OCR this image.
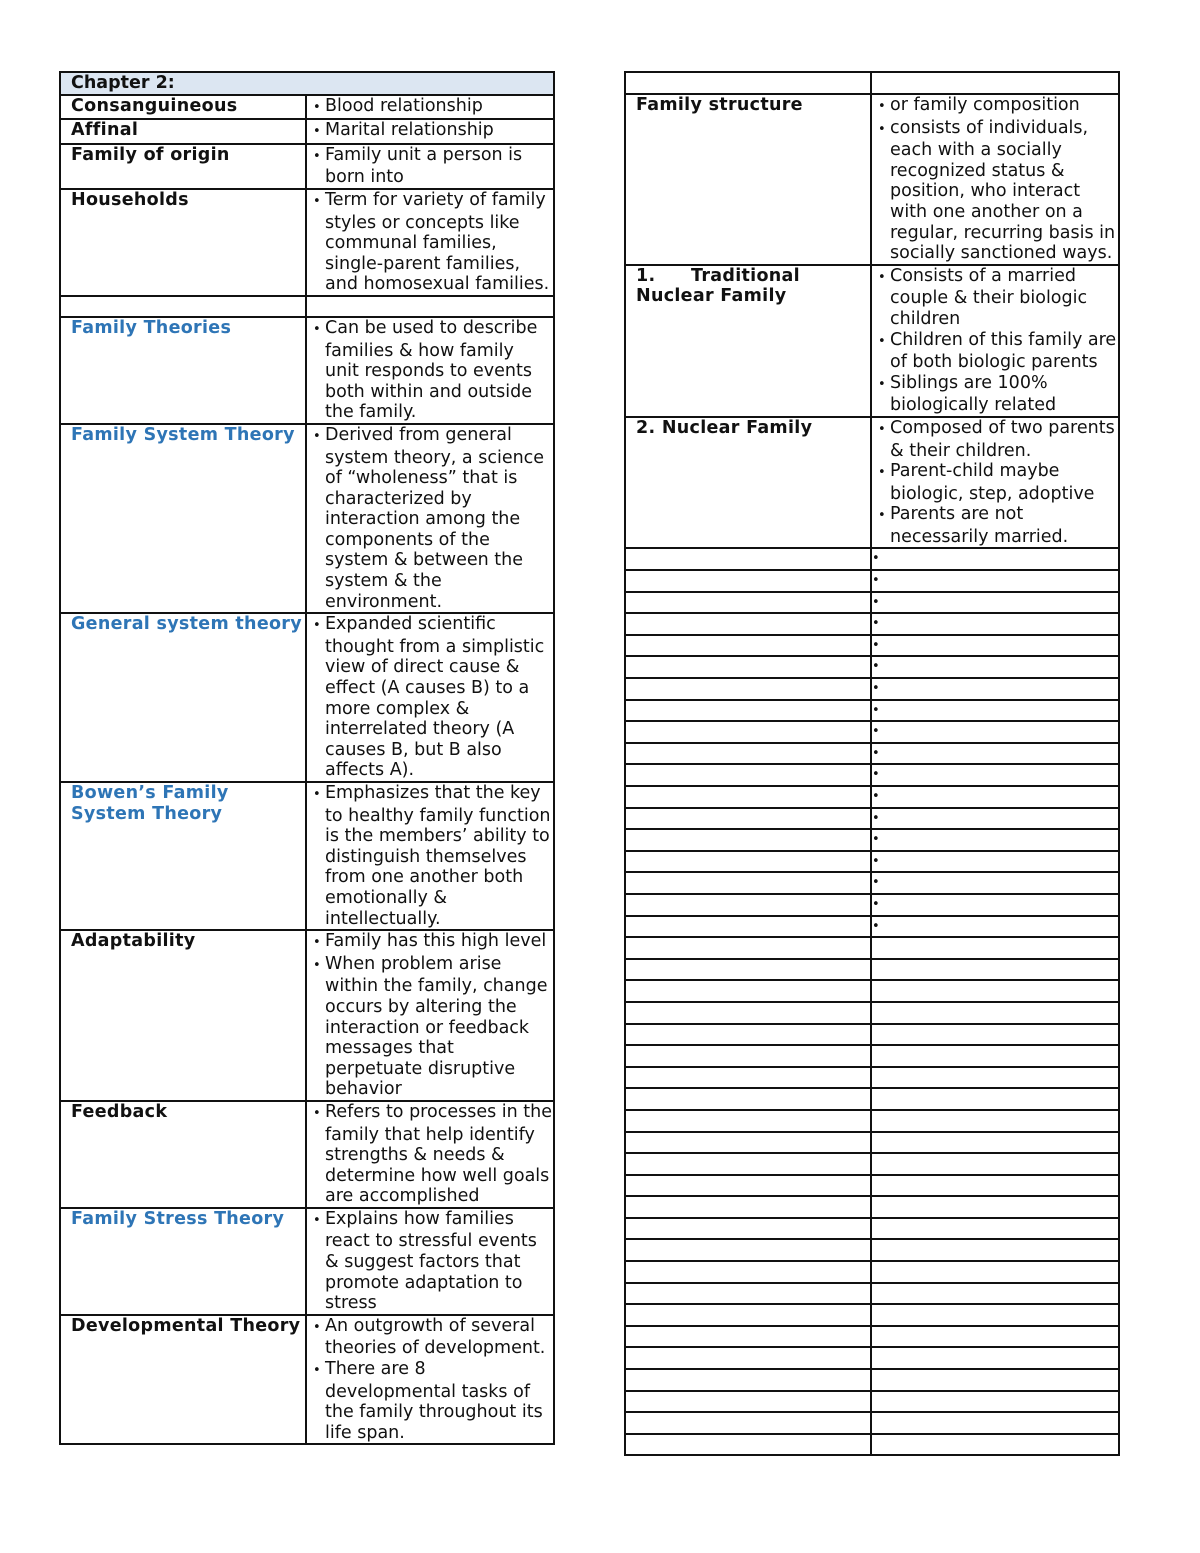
Chapter 2:	
Consanguineous	• Blood relationship

Affinal	• Marital relationship

Family of origin	• Family unit a person is born into

Households	• Term for variety of family styles or concepts like communal families, single-parent families, and homosexual families.

Family Theories	• Can be used to describe families & how family unit responds to events both within and outside the family.

Family System Theory	• Derived from general system theory, a science of “wholeness” that is characterized by interaction among the components of the system & between the system & the environment.

General system theory	• Expanded scientific thought from a simplistic view of direct cause & effect (A causes B) to a more complex & interrelated theory (A causes B, but B also affects A).

Bowen’s Family System Theory	• Emphasizes that the key to healthy family function is the members’ ability to distinguish themselves from one another both emotionally & intellectually.

Adaptability	• Family has this high level
• When problem arise within the family, change occurs by altering the interaction or feedback messages that perpetuate disruptive behavior

Feedback	• Refers to processes in the family that help identify strengths & needs & determine how well goals are accomplished

Family Stress Theory	• Explains how families react to stressful events & suggest factors that promote adaptation to stress

Developmental Theory	• An outgrowth of several theories of development.
• There are 8 developmental tasks of the family throughout its life span.

Family structure	• or family composition
• consists of individuals, each with a socially recognized status & position, who interact with one another on a regular, recurring basis in socially sanctioned ways.

1.  Traditional Nuclear Family	• Consists of a married couple & their biologic children
• Children of this family are of both biologic parents
• Siblings are 100% biologically related

2. Nuclear Family	• Composed of two parents & their children.
• Parent-child maybe biologic, step, adoptive
• Parents are not necessarily married.

	•
	•
	•
	•
	•
	•
	•
	•
	•
	•
	•
	•
	•
	•
	•
	•
	•
	•
